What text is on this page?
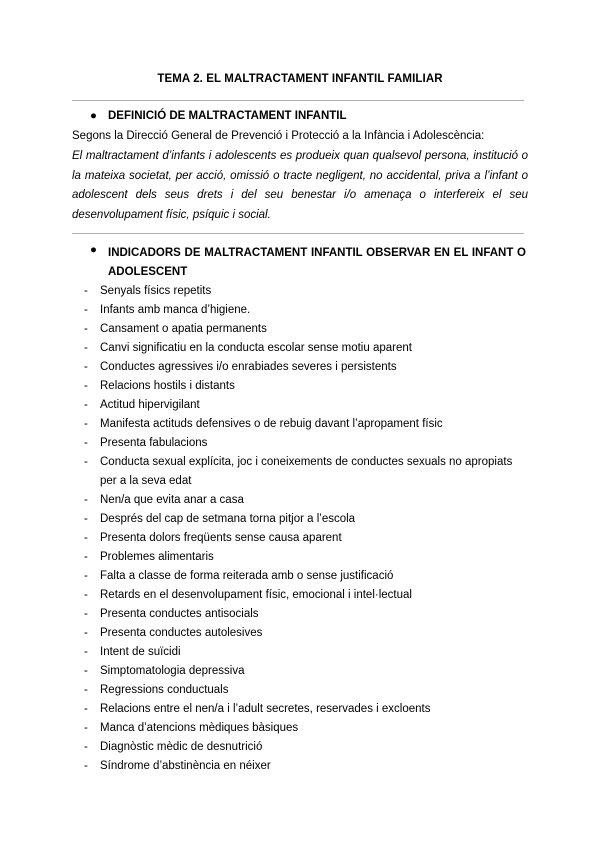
TEMA 2. EL MALTRACTAMENT INFANTIL FAMILIAR
● DEFINICIÓ DE MALTRACTAMENT INFANTIL
Segons la Direcció General de Prevenció i Protecció a la Infància i Adolescència:
El maltractament d’infants i adolescents es produeix quan qualsevol persona, institució o la mateixa societat, per acció, omissió o tracte negligent, no accidental, priva a l’infant o adolescent dels seus drets i del seu benestar i/o amenaça o interfereix el seu desenvolupament físic, psíquic i social.
● INDICADORS DE MALTRACTAMENT INFANTIL OBSERVAR EN EL INFANT O ADOLESCENT
- Senyals físics repetits
- Infants amb manca d’higiene.
- Cansament o apatia permanents
- Canvi significatiu en la conducta escolar sense motiu aparent
- Conductes agressives i/o enrabiades severes i persistents
- Relacions hostils i distants
- Actitud hipervigilant
- Manifesta actituds defensives o de rebuig davant l’apropament físic
- Presenta fabulacions
- Conducta sexual explícita, joc i coneixements de conductes sexuals no apropiats per a la seva edat
- Nen/a que evita anar a casa
- Després del cap de setmana torna pitjor a l’escola
- Presenta dolors freqüents sense causa aparent
- Problemes alimentaris
- Falta a classe de forma reiterada amb o sense justificació
- Retards en el desenvolupament físic, emocional i intel·lectual
- Presenta conductes antisocials
- Presenta conductes autolesives
- Intent de suïcidi
- Simptomatologia depressiva
- Regressions conductuals
- Relacions entre el nen/a i l’adult secretes, reservades i excloents
- Manca d’atencions mèdiques bàsiques
- Diagnòstic mèdic de desnutrició
- Síndrome d’abstinència en néixer
